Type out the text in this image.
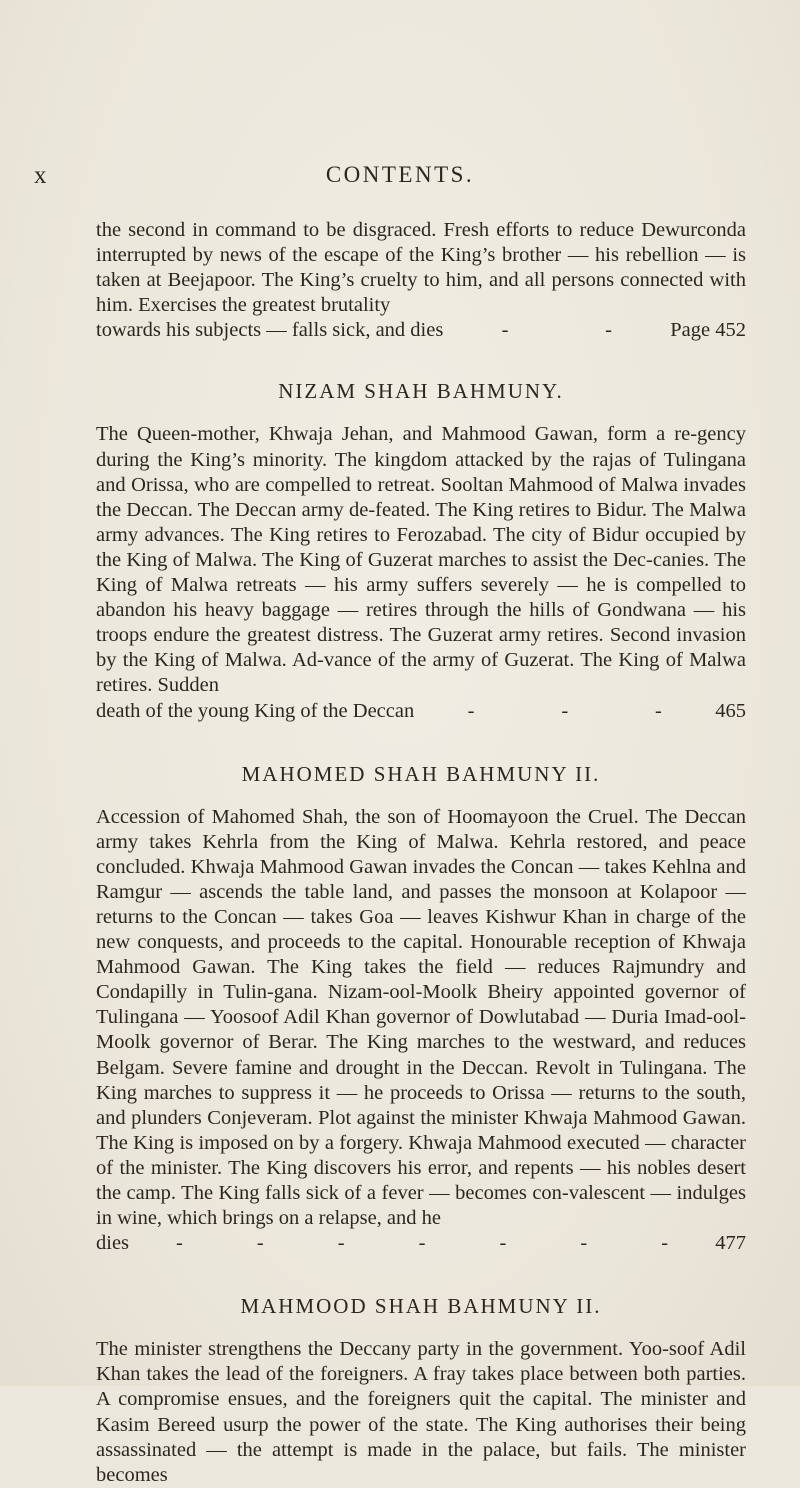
x	CONTENTS.

the second in command to be disgraced. Fresh efforts to reduce Dewurconda interrupted by news of the escape of the King’s brother — his rebellion — is taken at Beejapoor. The King’s cruelty to him, and all persons connected with him. Exercises the greatest brutality

towards his subjects — falls sick, and dies	-	-	Page 452
NIZAM SHAH BAHMUNY.

The Queen-mother, Khwaja Jehan, and Mahmood Gawan, form a re-gency during the King’s minority. The kingdom attacked by the rajas of Tulingana and Orissa, who are compelled to retreat. Sooltan Mahmood of Malwa invades the Deccan. The Deccan army de-feated. The King retires to Bidur. The Malwa army advances. The King retires to Ferozabad. The city of Bidur occupied by the King of Malwa. The King of Guzerat marches to assist the Dec-canies. The King of Malwa retreats — his army suffers severely — he is compelled to abandon his heavy baggage — retires through the hills of Gondwana — his troops endure the greatest distress. The Guzerat army retires. Second invasion by the King of Malwa. Ad-vance of the army of Guzerat. The King of Malwa retires. Sudden

death of the young King of the Deccan	-	-	-	465
MAHOMED SHAH BAHMUNY II.

Accession of Mahomed Shah, the son of Hoomayoon the Cruel. The Deccan army takes Kehrla from the King of Malwa. Kehrla restored, and peace concluded. Khwaja Mahmood Gawan invades the Concan — takes Kehlna and Ramgur — ascends the table land, and passes the monsoon at Kolapoor — returns to the Concan — takes Goa — leaves Kishwur Khan in charge of the new conquests, and proceeds to the capital. Honourable reception of Khwaja Mahmood Gawan. The King takes the field — reduces Rajmundry and Condapilly in Tulin-gana. Nizam-ool-Moolk Bheiry appointed governor of Tulingana — Yoosoof Adil Khan governor of Dowlutabad — Duria Imad-ool-Moolk governor of Berar. The King marches to the westward, and reduces Belgam. Severe famine and drought in the Deccan. Revolt in Tulingana. The King marches to suppress it — he proceeds to Orissa — returns to the south, and plunders Conjeveram. Plot against the minister Khwaja Mahmood Gawan. The King is imposed on by a forgery. Khwaja Mahmood executed — character of the minister. The King discovers his error, and repents — his nobles desert the camp. The King falls sick of a fever — becomes con-valescent — indulges in wine, which brings on a relapse, and he

dies -	-	-	-	-	-	- 477
MAHMOOD SHAH BAHMUNY II.

The minister strengthens the Deccany party in the government. Yoo-soof Adil Khan takes the lead of the foreigners. A fray takes place between both parties. A compromise ensues, and the foreigners quit the capital. The minister and Kasim Bereed usurp the power of the state. The King authorises their being assassinated — the attempt is made in the palace, but fails. The minister becomes
